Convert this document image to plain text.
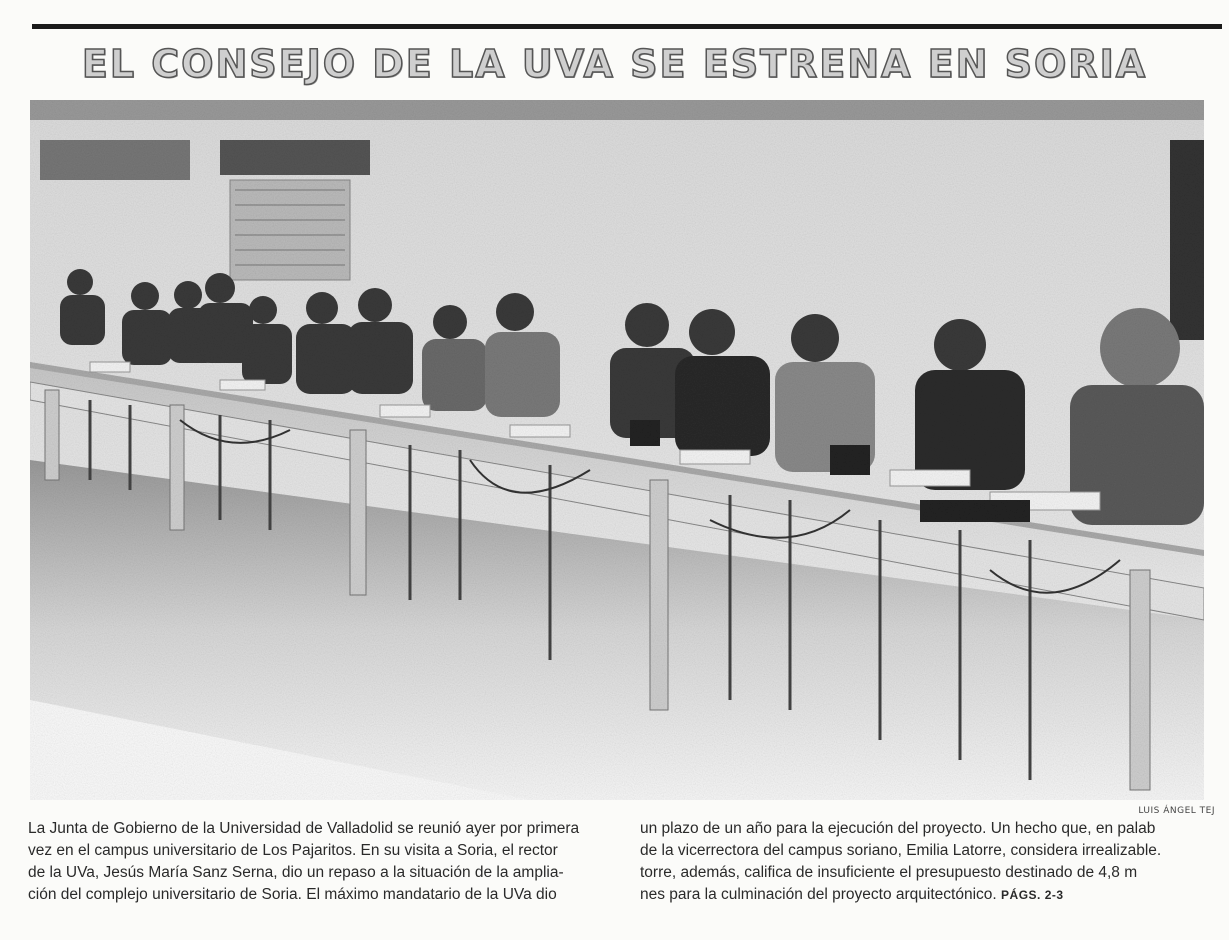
EL CONSEJO DE LA UVA SE ESTRENA EN SORIA
LUIS ÁNGEL TEJ
La Junta de Gobierno de la Universidad de Valladolid se reunió ayer por primera
vez en el campus universitario de Los Pajaritos. En su visita a Soria, el rector
de la UVa, Jesús María Sanz Serna, dio un repaso a la situación de la amplia-
ción del complejo universitario de Soria. El máximo mandatario de la UVa dio
un plazo de un año para la ejecución del proyecto. Un hecho que, en palab
de la vicerrectora del campus soriano, Emilia Latorre, considera irrealizable.
torre, además, califica de insuficiente el presupuesto destinado de 4,8 m
nes para la culminación del proyecto arquitectónico. PÁGS. 2-3
